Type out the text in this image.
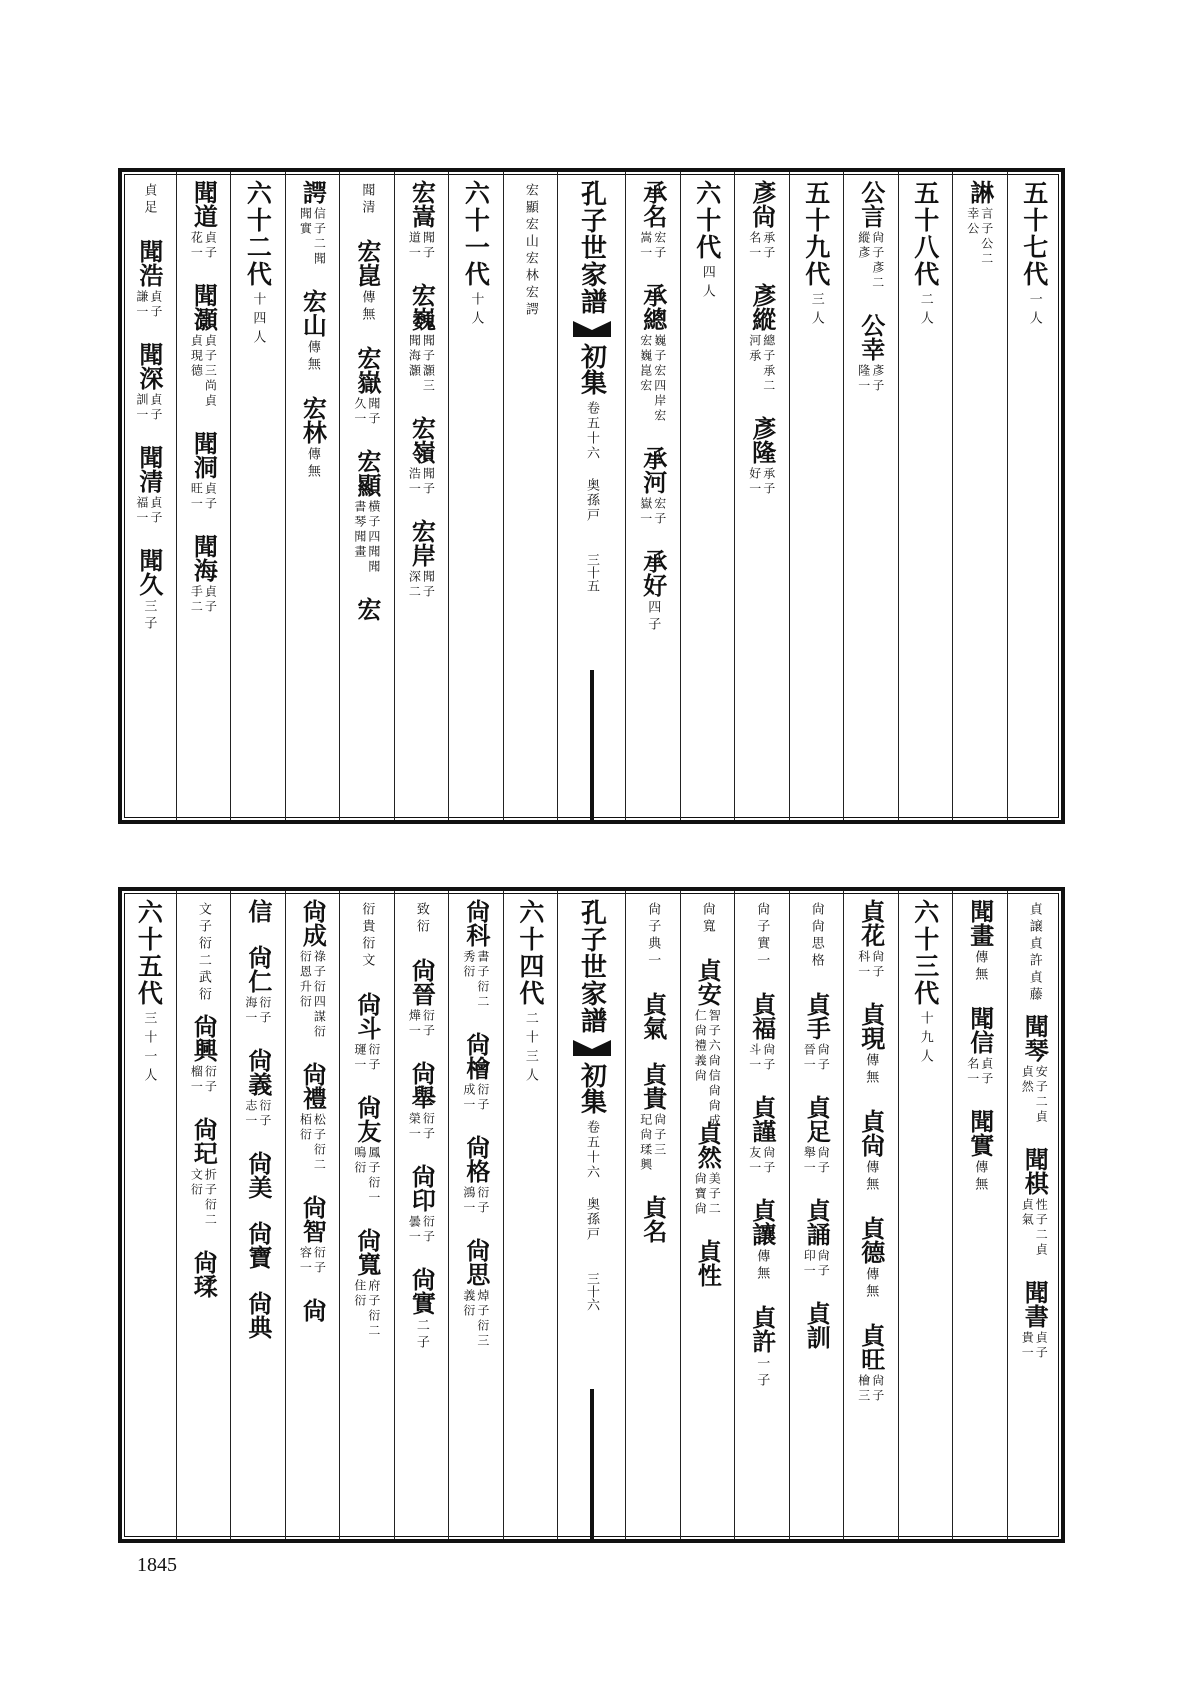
五十七代
一人
諃
言子公二
幸公
五十八代
二人
公言
尙子彥二
縱彥
公幸
彥子
隆一
五十九代
三人
彥尙
承子
名一
彥縱
總子承二
河承
彥隆
承子
好一
六十代
四人
承名
宏子
嵩一
承總
巍子宏四岸宏
宏巍崑宏
承河
宏子
嶽一
承好
四子
孔子世家譜
初集
卷五十六 奥孫戸
三十五
宏顯宏山宏林宏諤
六十一代
十人
宏嵩
聞子
道一
宏巍
聞子灝三
聞海灝
宏嶺
聞子
浩一
宏岸
聞子
深二
聞清
宏崑
傳無
宏嶽
聞子
久一
宏顯
横子四聞聞
書琴聞畫
宏
諤
信子二聞
聞實
宏山
傳無
宏林
傳無
六十二代
十四人
聞道
貞子
花一
聞灝
貞子三尚貞
貞現德
聞洞
貞子
旺一
聞海
貞子
手二
貞足
聞浩
貞子
謙一
聞深
貞子
訓一
聞清
貞子
福一
聞久
三子
貞譲貞許貞藤
聞琴
安子二貞
貞然
聞棋
性子二貞
貞氣
聞書
貞子
貴一
聞畫
傳無
聞信
貞子
名一
聞實
傳無
六十三代
十九人
貞花
尙子
科一
貞現
傳無
貞尙
傳無
貞德
傳無
貞旺
尙子
檜三
尙尙思格
貞手
尙子
晉一
貞足
尙子
舉一
貞誦
尙子
印一
貞訓
尙子實一
貞福
尙子
斗一
貞謹
尙子
友一
貞讓
傳無
貞許
一子
尙寬
貞安
智子六尙信尙尙成
仁尙禮義尙
貞然
美子二
尙寶尙
貞性
尙子典一
貞氣
貞貴
尙子三
玘尙瑈興
貞名
孔子世家譜
初集
卷五十六 奥孫戸
三十六
六十四代
二十三人
尙科
書子衍二
秀衍
尙檜
衍子
成一
尙格
衍子
鴻一
尙思
焯子衍三
義衍
致衍
尙晉
衍子
燁一
尙舉
衍子
榮一
尙印
衍子
曇一
尙實
二子
衍貴衍文
尙斗
衍子
璭一
尙友
鳳子衍一
鳴衍
尙寬
府子衍二
住衍
尙成
祿子衍四謀衍
衍恩升衍
尙禮
松子衍二
栢衍
尙智
衍子
容一
尙
信
尙仁
衍子
海一
尙義
衍子
志一
尙美
尙寶
尙典
文子衍二武衍
尙興
衍子
榴一
尙玘
折子衍二
文衍
尙瑈
六十五代
三十一人
1845
